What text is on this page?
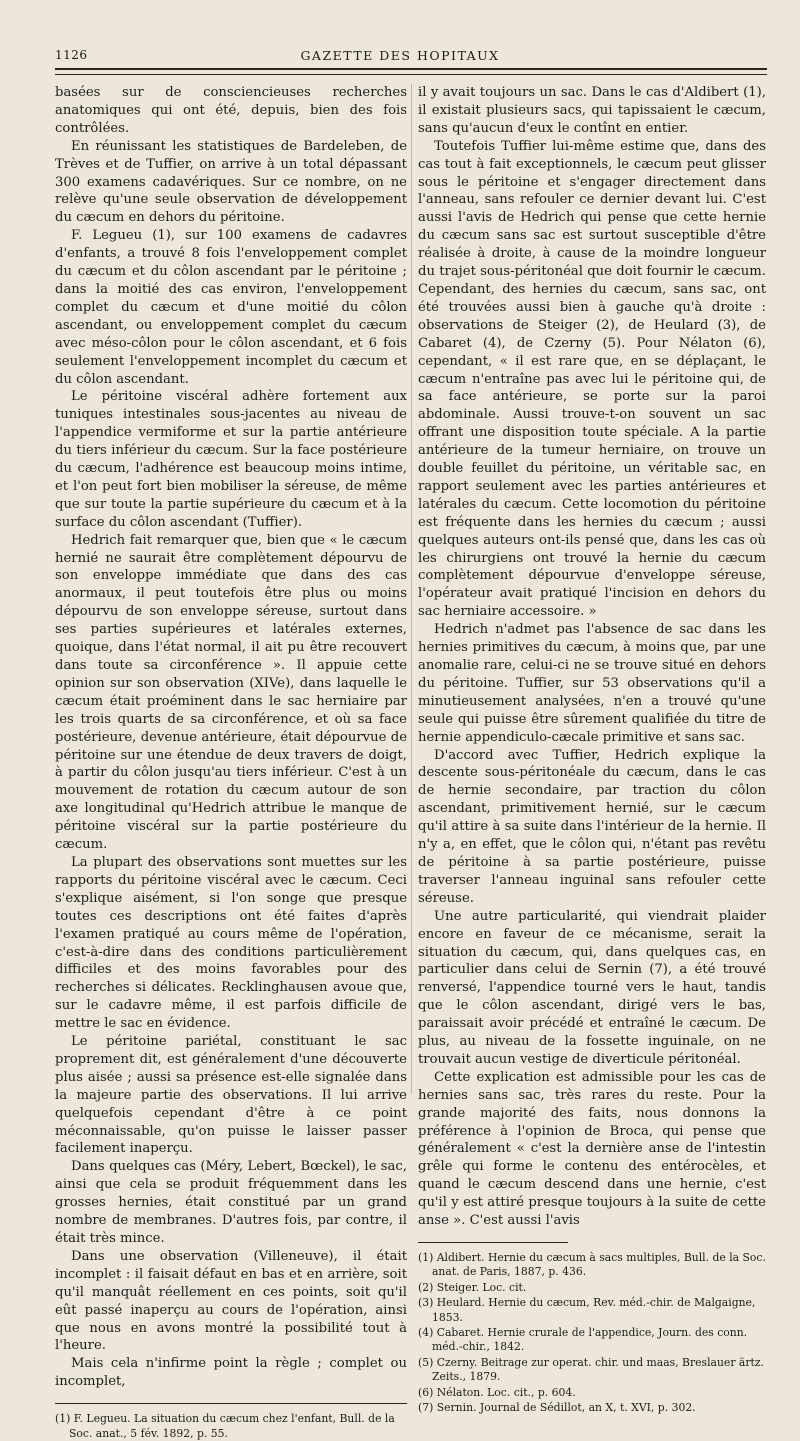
1126	GAZETTE DES HOPITAUX

basées sur de consciencieuses recherches anatomiques qui ont été, depuis, bien des fois contrôlées.

En réunissant les statistiques de Bardeleben, de Trèves et de Tuffier, on arrive à un total dépassant 300 examens cadavériques. Sur ce nombre, on ne relève qu'une seule observation de développement du cæcum en dehors du péritoine.

F. Legueu (1), sur 100 examens de cadavres d'enfants, a trouvé 8 fois l'enveloppement complet du cæcum et du côlon ascendant par le péritoine ; dans la moitié des cas environ, l'enveloppement complet du cæcum et d'une moitié du côlon ascendant, ou enveloppement complet du cæcum avec méso-côlon pour le côlon ascendant, et 6 fois seulement l'enveloppement incomplet du cæcum et du côlon ascendant.

Le péritoine viscéral adhère fortement aux tuniques intestinales sous-jacentes au niveau de l'appendice vermiforme et sur la partie antérieure du tiers inférieur du cæcum. Sur la face postérieure du cæcum, l'adhérence est beaucoup moins intime, et l'on peut fort bien mobiliser la séreuse, de même que sur toute la partie supérieure du cæcum et à la surface du côlon ascendant (Tuffier).

Hedrich fait remarquer que, bien que « le cæcum hernié ne saurait être complètement dépourvu de son enveloppe immédiate que dans des cas anormaux, il peut toutefois être plus ou moins dépourvu de son enveloppe séreuse, surtout dans ses parties supérieures et latérales externes, quoique, dans l'état normal, il ait pu être recouvert dans toute sa circonférence ». Il appuie cette opinion sur son observation (XIVe), dans laquelle le cæcum était proéminent dans le sac herniaire par les trois quarts de sa circonférence, et où sa face postérieure, devenue antérieure, était dépourvue de péritoine sur une étendue de deux travers de doigt, à partir du côlon jusqu'au tiers inférieur. C'est à un mouvement de rotation du cæcum autour de son axe longitudinal qu'Hedrich attribue le manque de péritoine viscéral sur la partie postérieure du cæcum.

La plupart des observations sont muettes sur les rapports du péritoine viscéral avec le cæcum. Ceci s'explique aisément, si l'on songe que presque toutes ces descriptions ont été faites d'après l'examen pratiqué au cours même de l'opération, c'est-à-dire dans des conditions particulièrement difficiles et des moins favorables pour des recherches si délicates. Recklinghausen avoue que, sur le cadavre même, il est parfois difficile de mettre le sac en évidence.

Le péritoine pariétal, constituant le sac proprement dit, est généralement d'une découverte plus aisée ; aussi sa présence est-elle signalée dans la majeure partie des observations. Il lui arrive quelquefois cependant d'être à ce point méconnaissable, qu'on puisse le laisser passer facilement inaperçu.

Dans quelques cas (Méry, Lebert, Bœckel), le sac, ainsi que cela se produit fréquemment dans les grosses hernies, était constitué par un grand nombre de membranes. D'autres fois, par contre, il était très mince.

Dans une observation (Villeneuve), il était incomplet : il faisait défaut en bas et en arrière, soit qu'il manquât réellement en ces points, soit qu'il eût passé inaperçu au cours de l'opération, ainsi que nous en avons montré la possibilité tout à l'heure.

Mais cela n'infirme point la règle ; complet ou incomplet,

(1) F. Legueu. La situation du cæcum chez l'enfant, Bull. de la Soc. anat., 5 fév. 1892, p. 55.

il y avait toujours un sac. Dans le cas d'Aldibert (1), il existait plusieurs sacs, qui tapissaient le cæcum, sans qu'aucun d'eux le contînt en entier.

Toutefois Tuffier lui-même estime que, dans des cas tout à fait exceptionnels, le cæcum peut glisser sous le péritoine et s'engager directement dans l'anneau, sans refouler ce dernier devant lui. C'est aussi l'avis de Hedrich qui pense que cette hernie du cæcum sans sac est surtout susceptible d'être réalisée à droite, à cause de la moindre longueur du trajet sous-péritonéal que doit fournir le cæcum. Cependant, des hernies du cæcum, sans sac, ont été trouvées aussi bien à gauche qu'à droite : observations de Steiger (2), de Heulard (3), de Cabaret (4), de Czerny (5). Pour Nélaton (6), cependant, « il est rare que, en se déplaçant, le cæcum n'entraîne pas avec lui le péritoine qui, de sa face antérieure, se porte sur la paroi abdominale. Aussi trouve-t-on souvent un sac offrant une disposition toute spéciale. A la partie antérieure de la tumeur herniaire, on trouve un double feuillet du péritoine, un véritable sac, en rapport seulement avec les parties antérieures et latérales du cæcum. Cette locomotion du péritoine est fréquente dans les hernies du cæcum ; aussi quelques auteurs ont-ils pensé que, dans les cas où les chirurgiens ont trouvé la hernie du cæcum complètement dépourvue d'enveloppe séreuse, l'opérateur avait pratiqué l'incision en dehors du sac herniaire accessoire. »

Hedrich n'admet pas l'absence de sac dans les hernies primitives du cæcum, à moins que, par une anomalie rare, celui-ci ne se trouve situé en dehors du péritoine. Tuffier, sur 53 observations qu'il a minutieusement analysées, n'en a trouvé qu'une seule qui puisse être sûrement qualifiée du titre de hernie appendiculo-cæcale primitive et sans sac.

D'accord avec Tuffier, Hedrich explique la descente sous-péritonéale du cæcum, dans le cas de hernie secondaire, par traction du côlon ascendant, primitivement hernié, sur le cæcum qu'il attire à sa suite dans l'intérieur de la hernie. Il n'y a, en effet, que le côlon qui, n'étant pas revêtu de péritoine à sa partie postérieure, puisse traverser l'anneau inguinal sans refouler cette séreuse.

Une autre particularité, qui viendrait plaider encore en faveur de ce mécanisme, serait la situation du cæcum, qui, dans quelques cas, en particulier dans celui de Sernin (7), a été trouvé renversé, l'appendice tourné vers le haut, tandis que le côlon ascendant, dirigé vers le bas, paraissait avoir précédé et entraîné le cæcum. De plus, au niveau de la fossette inguinale, on ne trouvait aucun vestige de diverticule péritonéal.

Cette explication est admissible pour les cas de hernies sans sac, très rares du reste. Pour la grande majorité des faits, nous donnons la préférence à l'opinion de Broca, qui pense que généralement « c'est la dernière anse de l'intestin grêle qui forme le contenu des entérocèles, et quand le cæcum descend dans une hernie, c'est qu'il y est attiré presque toujours à la suite de cette anse ». C'est aussi l'avis

(1) Aldibert. Hernie du cæcum à sacs multiples, Bull. de la Soc. anat. de Paris, 1887, p. 436.

(2) Steiger. Loc. cit.

(3) Heulard. Hernie du cæcum, Rev. méd.-chir. de Malgaigne, 1853.

(4) Cabaret. Hernie crurale de l'appendice, Journ. des conn. méd.-chir., 1842.

(5) Czerny. Beitrage zur operat. chir. und maas, Breslauer ärtz. Zeits., 1879.

(6) Nélaton. Loc. cit., p. 604.

(7) Sernin. Journal de Sédillot, an X, t. XVI, p. 302.
